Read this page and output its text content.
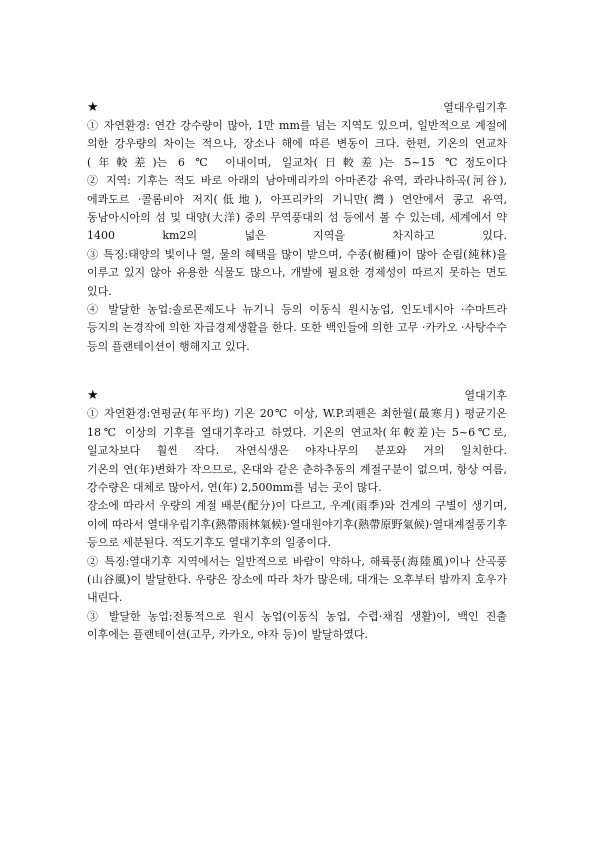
★	열대우림기후

① 자연환경: 연간 강수량이 많아, 1만 mm를 넘는 지역도 있으며, 일반적으로 계절에 의한 강우량의 차이는 적으나, 장소나 해에 따른 변동이 크다. 한편, 기온의 연교차(年較差)는 6 ℃ 이내이며, 일교차(日較差)는 5~15 ℃정도이다

② 지역: 기후는 적도 바로 아래의 남아메리카의 아마존강 유역, 콰라나하곡(河谷), 에콰도르 ·콜롬비아 저지(低地), 아프리카의 기니만(灣) 연안에서 콩고 유역, 동남아시아의 섬 및 대양(大洋) 중의 무역풍대의 섬 등에서 볼 수 있는데, 세계에서 약 1400 km2의 넓은 지역을 차지하고 있다.

③ 특징:태양의 빛이나 열, 물의 혜택을 많이 받으며, 수종(樹種)이 많아 순림(純林)을 이루고 있지 않아 유용한 식물도 많으나, 개발에 필요한 경제성이 따르지 못하는 면도 있다.

④ 발달한 농업:솔로몬제도나 뉴기니 등의 이동식 원시농업, 인도네시아 ·수마트라 등지의 논경작에 의한 자급경제생활을 한다. 또한 백인들에 의한 고무 ·카카오 ·사탕수수 등의 플랜테이션이 행해지고 있다.

★	열대기후

① 자연환경:연평균(年平均) 기온 20℃ 이상, W.P.쾨펜은 최한월(最寒月) 평균기온 18℃ 이상의 기후를 열대기후라고 하였다. 기온의 연교차(年較差)는 5~6℃로, 일교차보다 훨씬 작다. 자연식생은 야자나무의 분포와 거의 일치한다.

기온의 연(年)변화가 작으므로, 온대와 같은 춘하추동의 계절구분이 없으며, 항상 여름, 강수량은 대체로 많아서, 연(年) 2,500mm를 넘는 곳이 많다.

장소에 따라서 우량의 계절 배분(配分)이 다르고, 우계(雨季)와 건계의 구별이 생기며, 이에 따라서 열대우림기후(熱帶雨林氣候)·열대원야기후(熱帶原野氣候)·열대계절풍기후 등으로 세분된다. 적도기후도 열대기후의 일종이다.

② 특징:열대기후 지역에서는 일반적으로 바람이 약하나, 해륙풍(海陸風)이나 산곡풍(山谷風)이 발달한다. 우량은 장소에 따라 차가 많은데, 대개는 오후부터 밤까지 호우가 내린다.

③ 발달한 농업:전통적으로 원시 농업(이동식 농업, 수렵·채집 생활)이, 백인 진출 이후에는 플랜테이션(고무, 카카오, 야자 등)이 발달하였다.
